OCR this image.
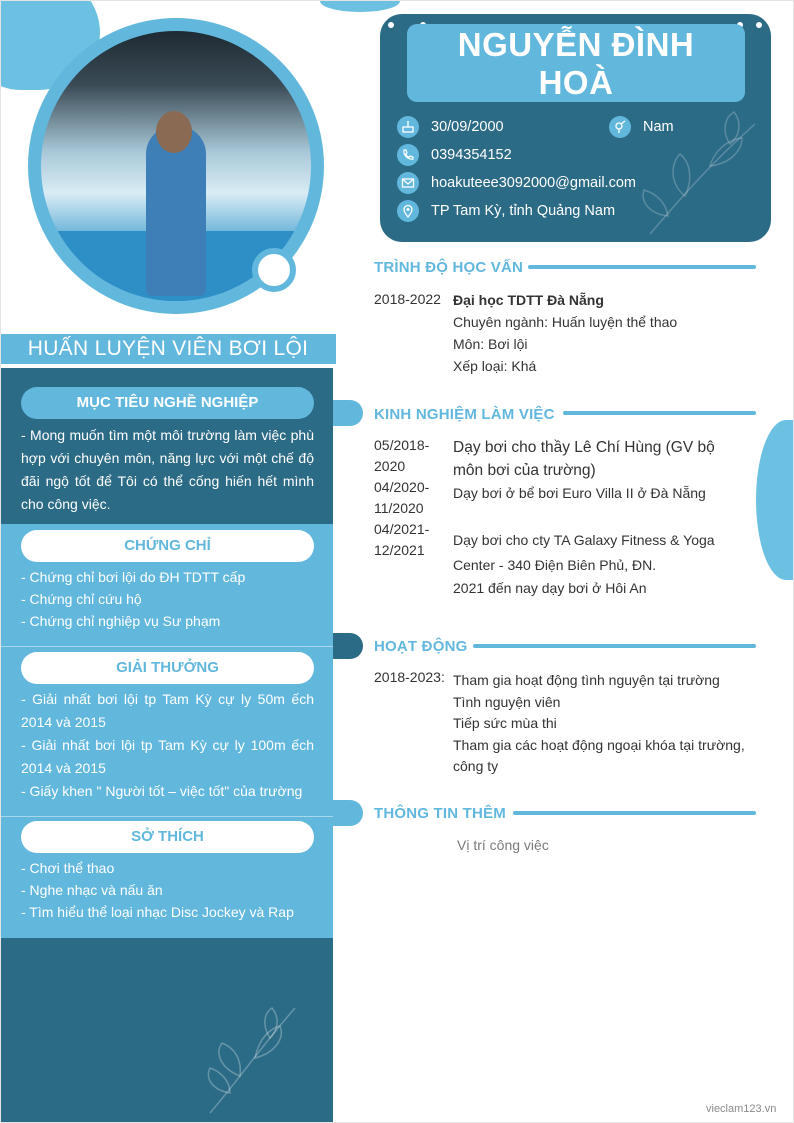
HUẤN LUYỆN VIÊN BƠI LỘI
MỤC TIÊU NGHỀ NGHIỆP
- Mong muốn tìm một môi trường làm việc phù hợp với chuyên môn, năng lực với một chế độ đãi ngộ tốt để Tôi có thể cống hiến hết mình cho công việc.
CHỨNG CHỈ

- Chứng chỉ bơi lội do ĐH TDTT cấp

- Chứng chỉ cứu hộ

- Chứng chỉ nghiệp vụ Sư phạm

GIẢI THƯỞNG

- Giải nhất bơi lội tp Tam Kỳ cự ly 50m ếch 2014 và 2015

- Giải nhất bơi lội tp Tam Kỳ cự ly 100m ếch 2014 và 2015

- Giấy khen " Người tốt – việc tốt" của trường

SỞ THÍCH

- Chơi thể thao

- Nghe nhạc và nấu ăn

- Tìm hiểu thể loại nhạc Disc Jockey và Rap

NGUYỄN ĐÌNH
HOÀ
30/09/2000	Nam
0394354152
hoakuteee3092000@gmail.com
TP Tam Kỳ, tỉnh Quảng Nam
TRÌNH ĐỘ HỌC VẤN
2018-2022 Đại học TDTT Đà Nẵng
Chuyên ngành: Huấn luyện thể thao
Môn: Bơi lội
Xếp loại: Khá
KINH NGHIỆM LÀM VIỆC
05/2018-
2020
04/2020-
11/2020
04/2021-
12/2021
Dạy bơi cho thầy Lê Chí Hùng (GV bộ môn bơi của trường)
Dạy bơi ở bể bơi Euro Villa II ở Đà Nẵng
Dạy bơi cho cty TA Galaxy Fitness & Yoga Center - 340 Điện Biên Phủ, ĐN.
2021 đến nay dạy bơi ở Hôi An
HOẠT ĐỘNG
2018-2023: Tham gia hoạt động tình nguyện tại trường
Tình nguyện viên
Tiếp sức mùa thi
Tham gia các hoạt động ngoại khóa tại trường, công ty
THÔNG TIN THÊM
Vị trí công việc
vieclam123.vn
